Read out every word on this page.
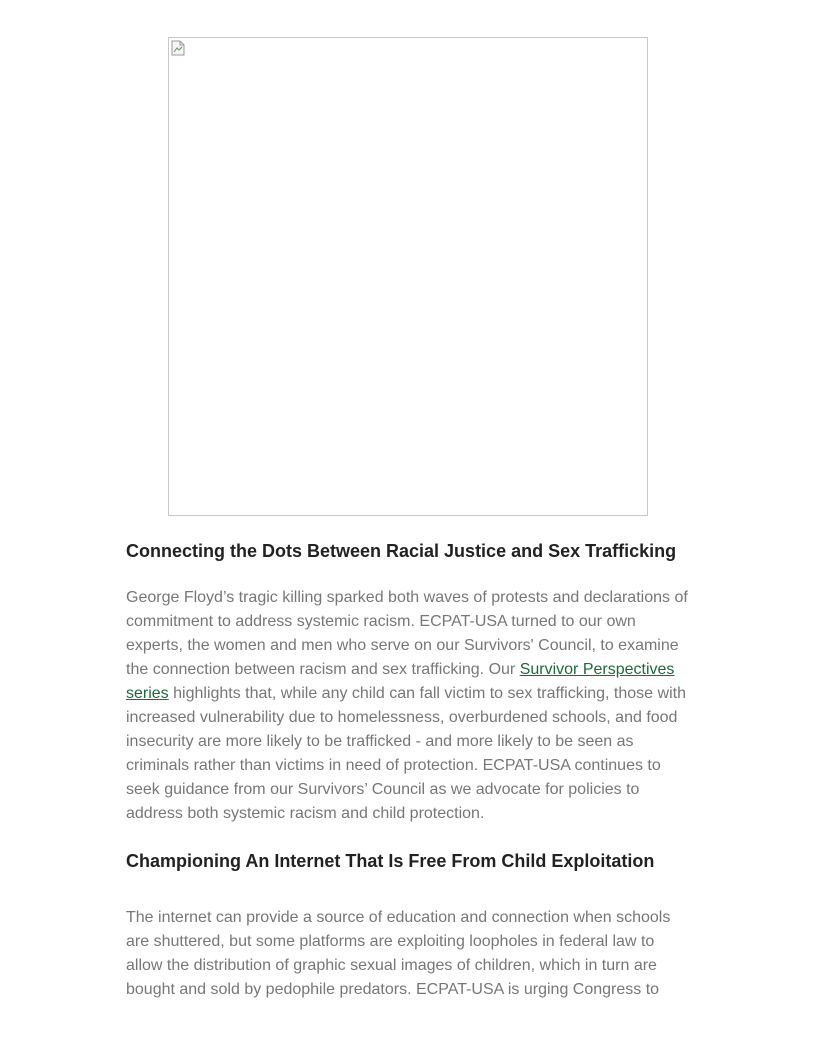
Connecting the Dots Between Racial Justice and Sex Trafficking

George Floyd’s tragic killing sparked both waves of protests and declarations of commitment to address systemic racism. ECPAT-USA turned to our own experts, the women and men who serve on our Survivors' Council, to examine the connection between racism and sex trafficking. Our Survivor Perspectives series highlights that, while any child can fall victim to sex trafficking, those with increased vulnerability due to homelessness, overburdened schools, and food insecurity are more likely to be trafficked - and more likely to be seen as criminals rather than victims in need of protection. ECPAT-USA continues to seek guidance from our Survivors’ Council as we advocate for policies to address both systemic racism and child protection.

Championing An Internet That Is Free From Child Exploitation

The internet can provide a source of education and connection when schools are shuttered, but some platforms are exploiting loopholes in federal law to allow the distribution of graphic sexual images of children, which in turn are bought and sold by pedophile predators. ECPAT-USA is urging Congress to
